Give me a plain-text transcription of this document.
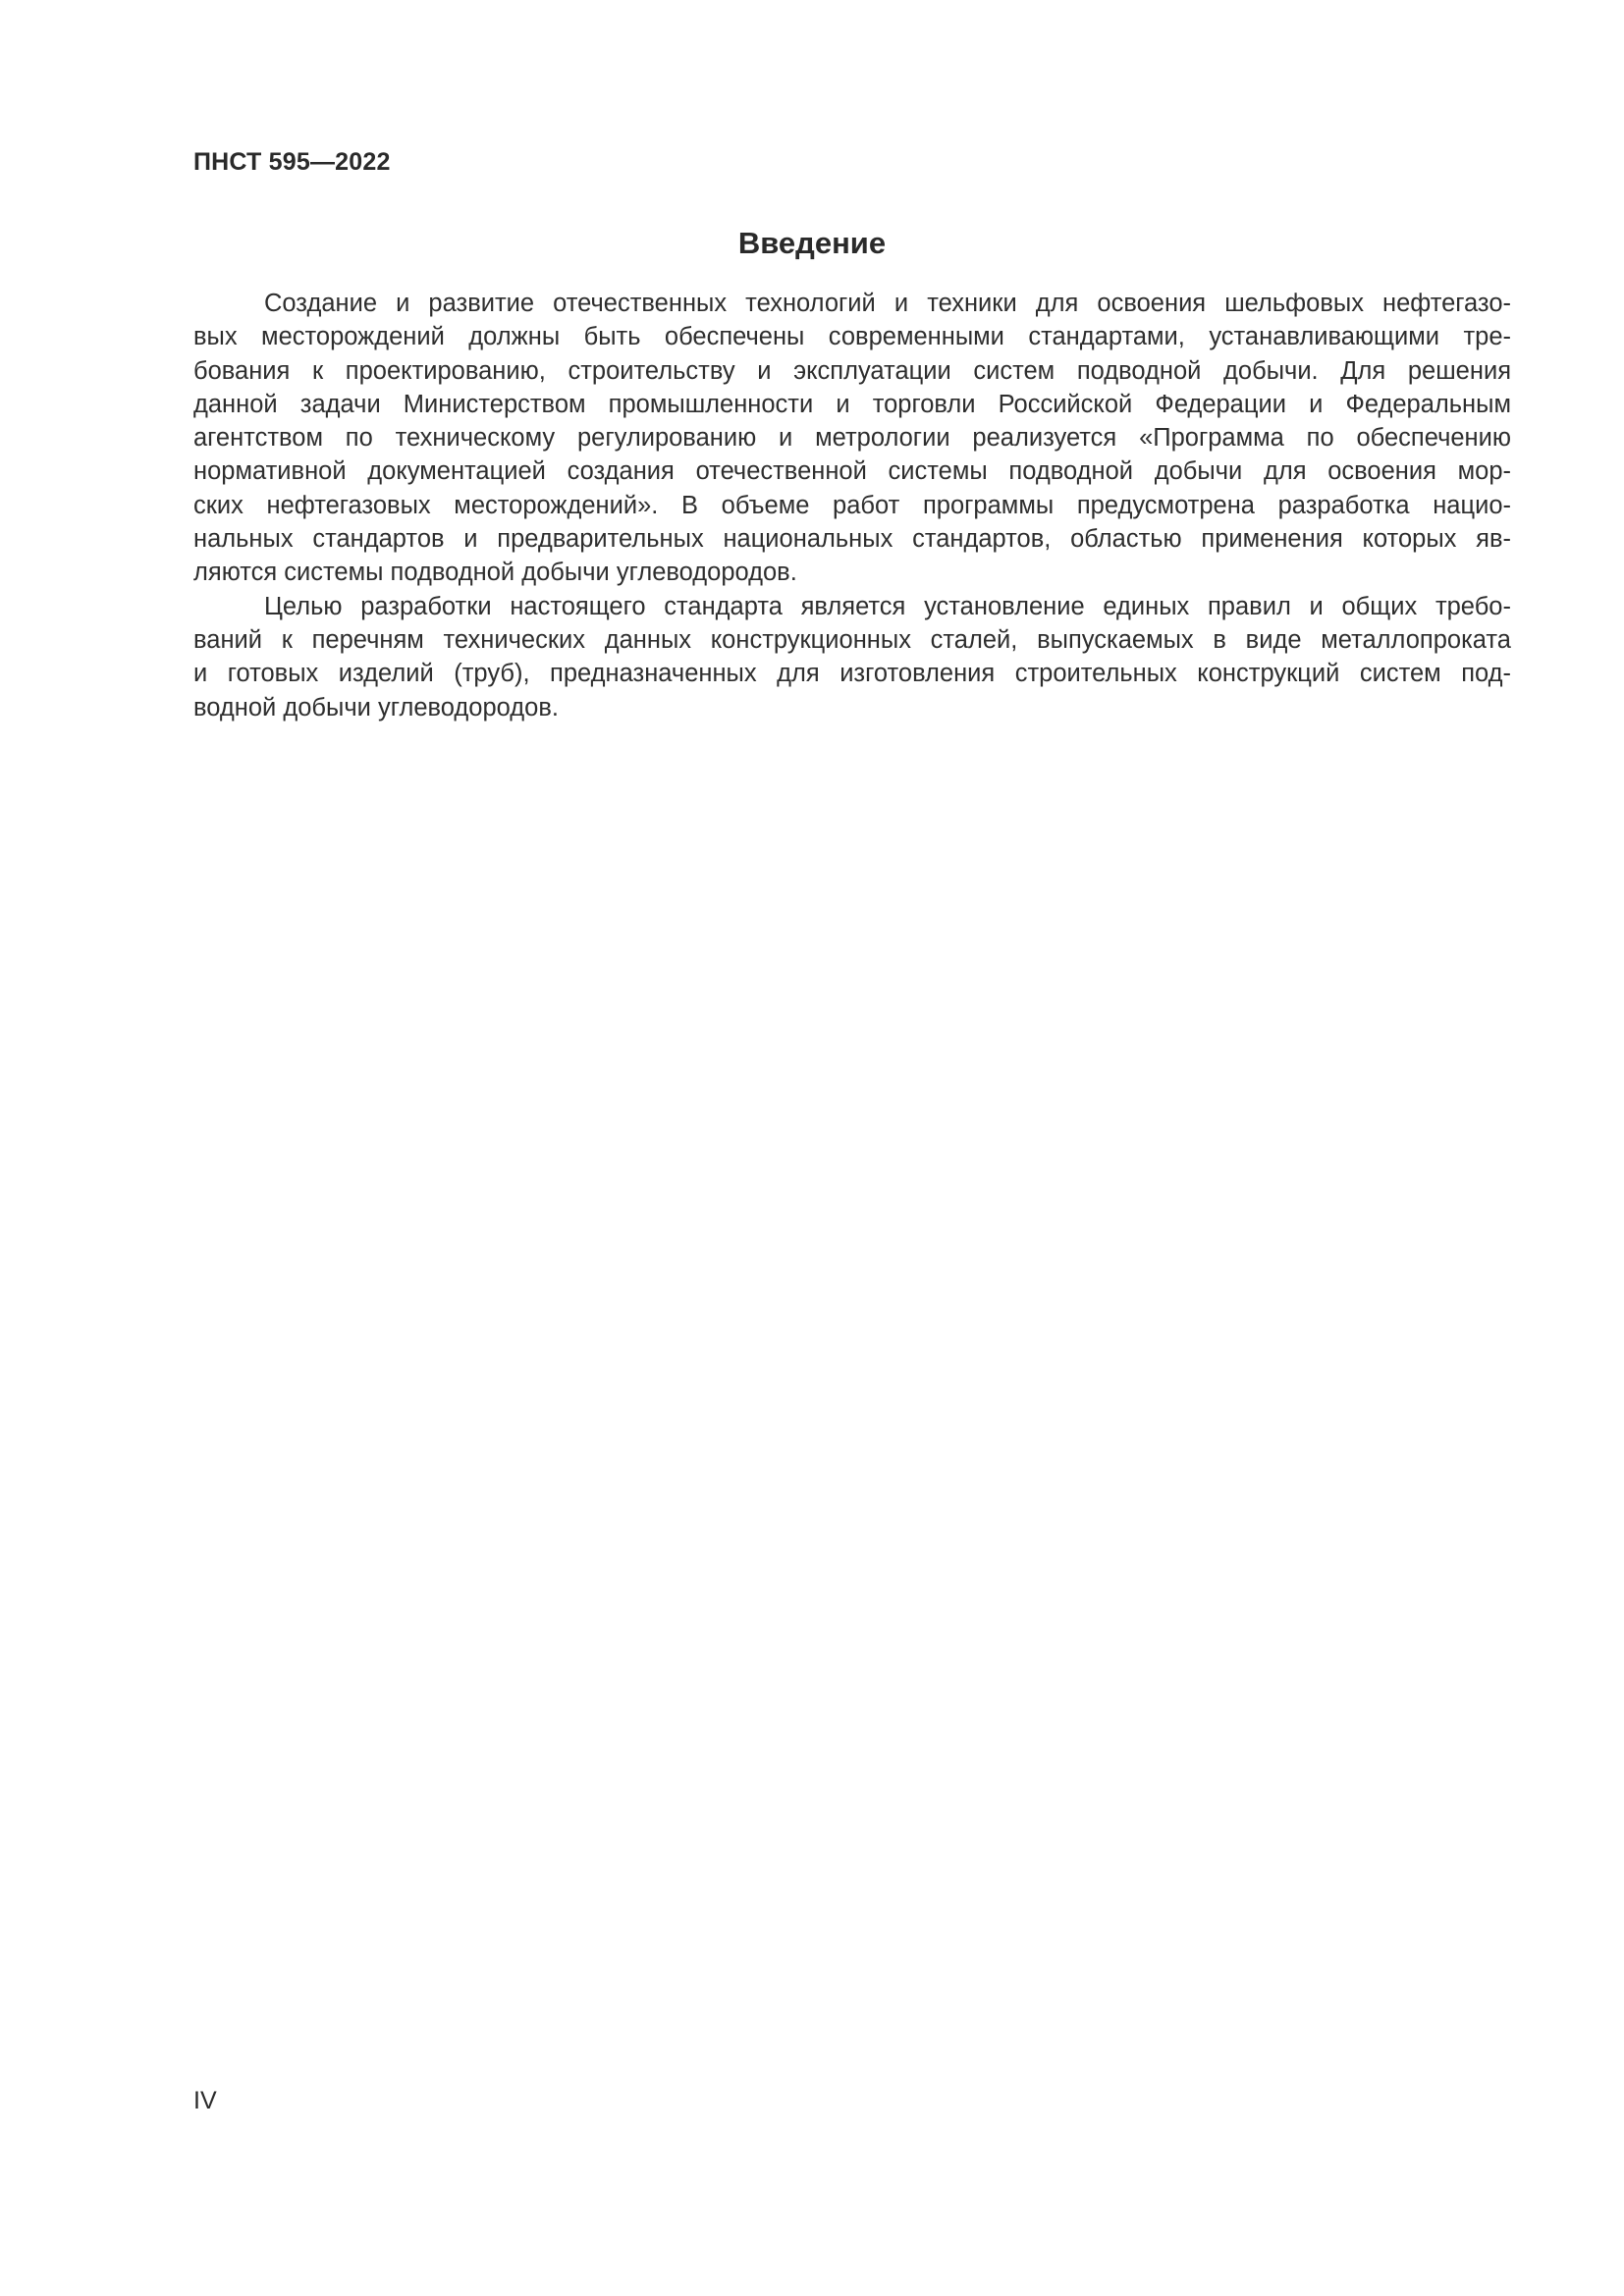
ПНСТ 595—2022
Введение
Создание и развитие отечественных технологий и техники для освоения шельфовых нефтегазо-
вых месторождений должны быть обеспечены современными стандартами, устанавливающими тре-
бования к проектированию, строительству и эксплуатации систем подводной добычи. Для решения
данной задачи Министерством промышленности и торговли Российской Федерации и Федеральным
агентством по техническому регулированию и метрологии реализуется «Программа по обеспечению
нормативной документацией создания отечественной системы подводной добычи для освоения мор-
ских нефтегазовых месторождений». В объеме работ программы предусмотрена разработка нацио-
нальных стандартов и предварительных национальных стандартов, областью применения которых яв-
ляются системы подводной добычи углеводородов.
Целью разработки настоящего стандарта является установление единых правил и общих требо-
ваний к перечням технических данных конструкционных сталей, выпускаемых в виде металлопроката
и готовых изделий (труб), предназначенных для изготовления строительных конструкций систем под-
водной добычи углеводородов.
IV
